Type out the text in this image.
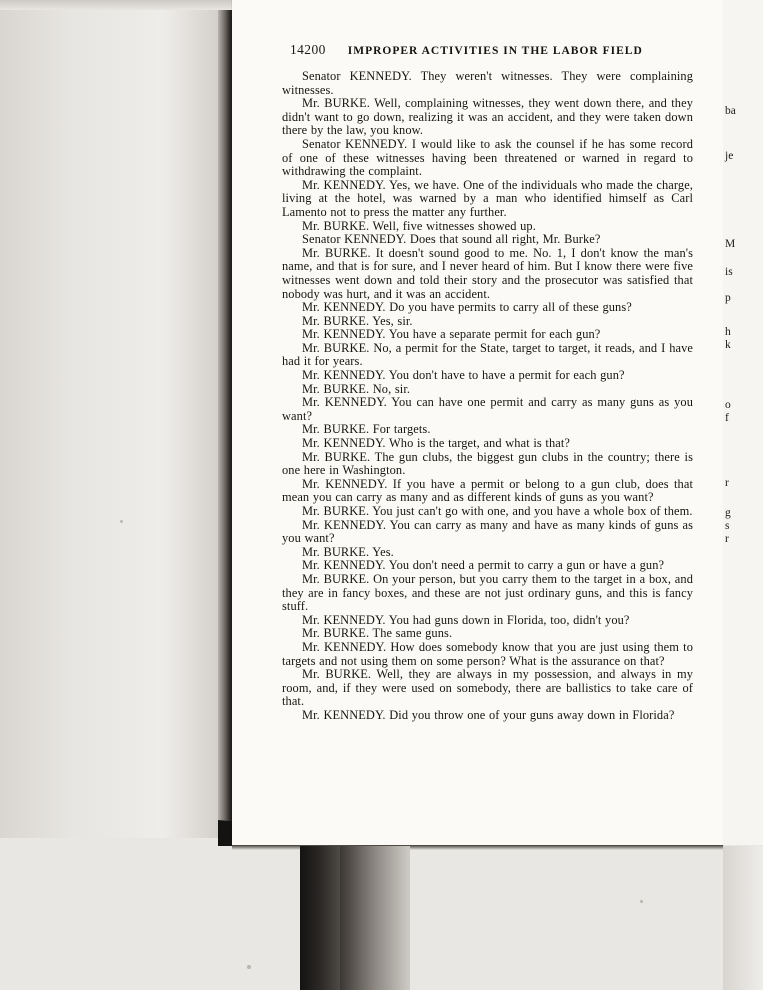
14200 IMPROPER ACTIVITIES IN THE LABOR FIELD

Senator KENNEDY. They weren't witnesses. They were complaining witnesses.

Mr. BURKE. Well, complaining witnesses, they went down there, and they didn't want to go down, realizing it was an accident, and they were taken down there by the law, you know.

Senator KENNEDY. I would like to ask the counsel if he has some record of one of these witnesses having been threatened or warned in regard to withdrawing the complaint.

Mr. KENNEDY. Yes, we have. One of the individuals who made the charge, living at the hotel, was warned by a man who identified himself as Carl Lamento not to press the matter any further.

Mr. BURKE. Well, five witnesses showed up.

Senator KENNEDY. Does that sound all right, Mr. Burke?

Mr. BURKE. It doesn't sound good to me. No. 1, I don't know the man's name, and that is for sure, and I never heard of him. But I know there were five witnesses went down and told their story and the prosecutor was satisfied that nobody was hurt, and it was an accident.

Mr. KENNEDY. Do you have permits to carry all of these guns?

Mr. BURKE. Yes, sir.

Mr. KENNEDY. You have a separate permit for each gun?

Mr. BURKE. No, a permit for the State, target to target, it reads, and I have had it for years.

Mr. KENNEDY. You don't have to have a permit for each gun?

Mr. BURKE. No, sir.

Mr. KENNEDY. You can have one permit and carry as many guns as you want?

Mr. BURKE. For targets.

Mr. KENNEDY. Who is the target, and what is that?

Mr. BURKE. The gun clubs, the biggest gun clubs in the country; there is one here in Washington.

Mr. KENNEDY. If you have a permit or belong to a gun club, does that mean you can carry as many and as different kinds of guns as you want?

Mr. BURKE. You just can't go with one, and you have a whole box of them.

Mr. KENNEDY. You can carry as many and have as many kinds of guns as you want?

Mr. BURKE. Yes.

Mr. KENNEDY. You don't need a permit to carry a gun or have a gun?

Mr. BURKE. On your person, but you carry them to the target in a box, and they are in fancy boxes, and these are not just ordinary guns, and this is fancy stuff.

Mr. KENNEDY. You had guns down in Florida, too, didn't you?

Mr. BURKE. The same guns.

Mr. KENNEDY. How does somebody know that you are just using them to targets and not using them on some person? What is the assurance on that?

Mr. BURKE. Well, they are always in my possession, and always in my room, and, if they were used on somebody, there are ballistics to take care of that.

Mr. KENNEDY. Did you throw one of your guns away down in Florida?

ba
je
M
is
p
h
k
o
f
r
g
s
r
